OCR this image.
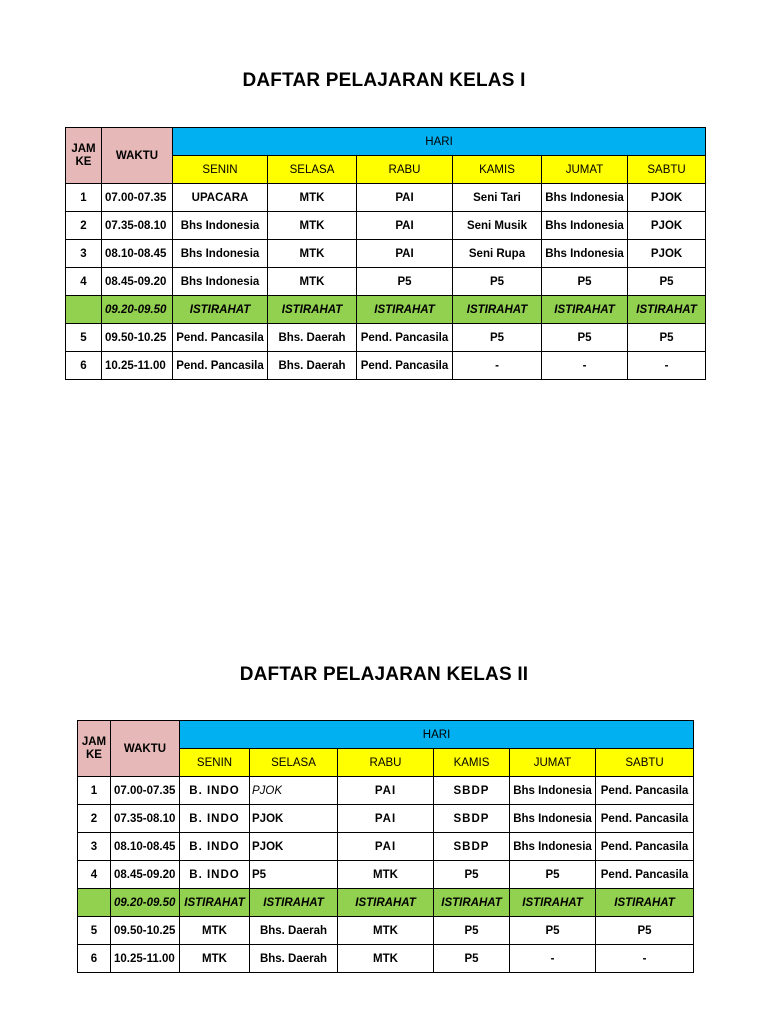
DAFTAR PELAJARAN KELAS I
JAM KE	WAKTU	HARI					
		SENIN	SELASA	RABU	KAMIS	JUMAT	SABTU
1	07.00-07.35	UPACARA	MTK	PAI	Seni Tari	Bhs Indonesia	PJOK
2	07.35-08.10	Bhs Indonesia	MTK	PAI	Seni Musik	Bhs Indonesia	PJOK
3	08.10-08.45	Bhs Indonesia	MTK	PAI	Seni Rupa	Bhs Indonesia	PJOK
4	08.45-09.20	Bhs Indonesia	MTK	P5	P5	P5	P5
	09.20-09.50	ISTIRAHAT	ISTIRAHAT	ISTIRAHAT	ISTIRAHAT	ISTIRAHAT	ISTIRAHAT
5	09.50-10.25	Pend. Pancasila	Bhs. Daerah	Pend. Pancasila	P5	P5	P5
6	10.25-11.00	Pend. Pancasila	Bhs. Daerah	Pend. Pancasila	-	-	-
DAFTAR PELAJARAN KELAS II
JAM KE	WAKTU	HARI					
		SENIN	SELASA	RABU	KAMIS	JUMAT	SABTU
1	07.00-07.35	B. INDO	PJOK	PAI	SBDP	Bhs Indonesia	Pend. Pancasila
2	07.35-08.10	B. INDO	PJOK	PAI	SBDP	Bhs Indonesia	Pend. Pancasila
3	08.10-08.45	B. INDO	PJOK	PAI	SBDP	Bhs Indonesia	Pend. Pancasila
4	08.45-09.20	B. INDO	P5	MTK	P5	P5	Pend. Pancasila
	09.20-09.50	ISTIRAHAT	ISTIRAHAT	ISTIRAHAT	ISTIRAHAT	ISTIRAHAT	ISTIRAHAT
5	09.50-10.25	MTK	Bhs. Daerah	MTK	P5	P5	P5
6	10.25-11.00	MTK	Bhs. Daerah	MTK	P5	-	-
